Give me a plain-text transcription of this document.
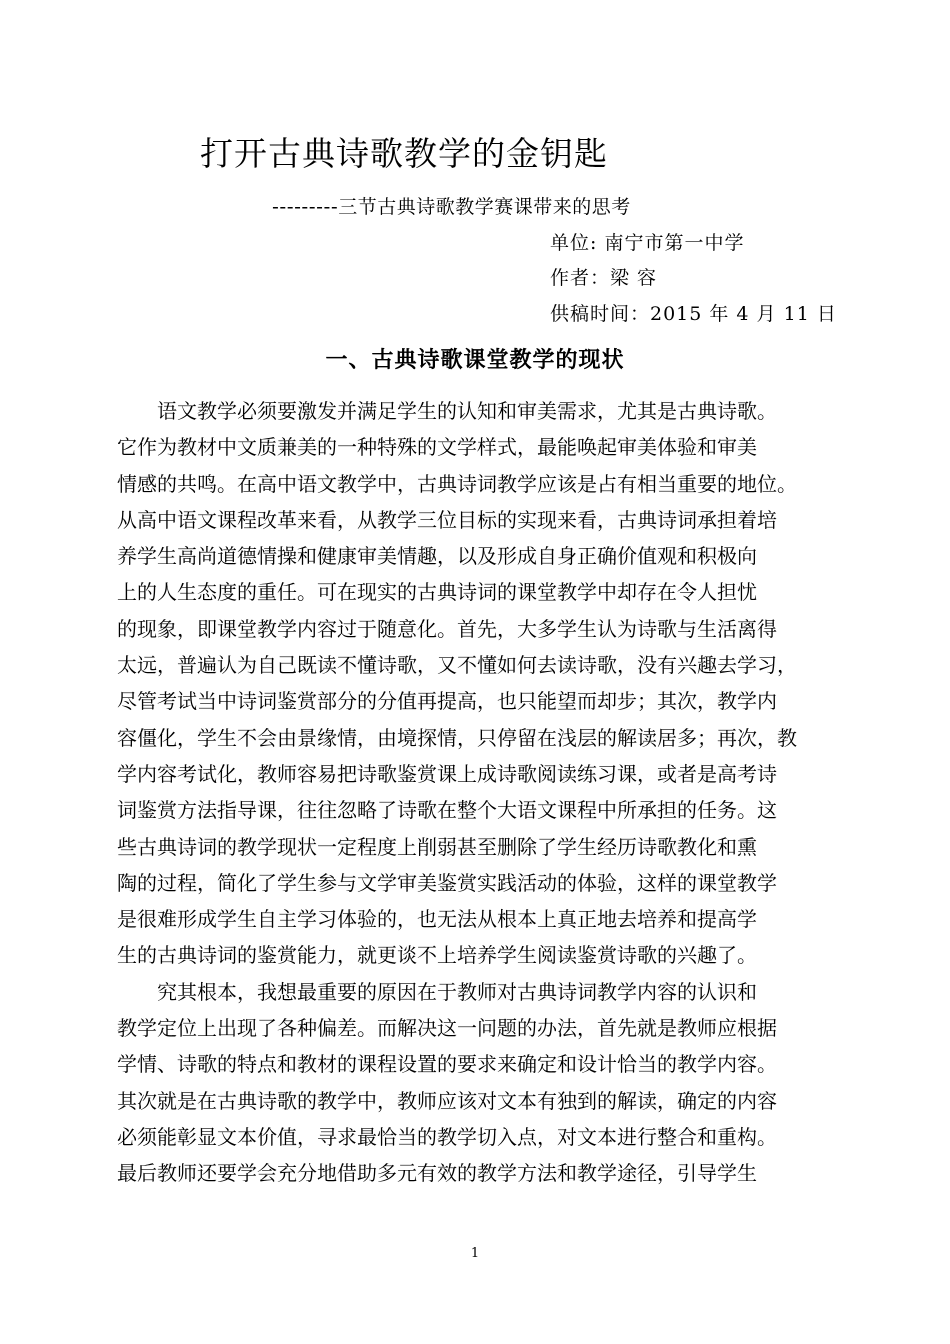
打开古典诗歌教学的金钥匙
---------三节古典诗歌教学赛课带来的思考
单位: 南宁市第一中学
作者：梁 容
供稿时间：2015 年 4 月 11 日
一、古典诗歌课堂教学的现状
语文教学必须要激发并满足学生的认知和审美需求，尤其是古典诗歌。
它作为教材中文质兼美的一种特殊的文学样式，最能唤起审美体验和审美
情感的共鸣。在高中语文教学中，古典诗词教学应该是占有相当重要的地位。
从高中语文课程改革来看，从教学三位目标的实现来看，古典诗词承担着培
养学生高尚道德情操和健康审美情趣，以及形成自身正确价值观和积极向
上的人生态度的重任。可在现实的古典诗词的课堂教学中却存在令人担忧
的现象，即课堂教学内容过于随意化。首先，大多学生认为诗歌与生活离得
太远，普遍认为自己既读不懂诗歌，又不懂如何去读诗歌，没有兴趣去学习，
尽管考试当中诗词鉴赏部分的分值再提高，也只能望而却步；其次，教学内
容僵化，学生不会由景缘情，由境探情，只停留在浅层的解读居多；再次，教
学内容考试化，教师容易把诗歌鉴赏课上成诗歌阅读练习课，或者是高考诗
词鉴赏方法指导课，往往忽略了诗歌在整个大语文课程中所承担的任务。这
些古典诗词的教学现状一定程度上削弱甚至删除了学生经历诗歌教化和熏
陶的过程，简化了学生参与文学审美鉴赏实践活动的体验，这样的课堂教学
是很难形成学生自主学习体验的，也无法从根本上真正地去培养和提高学
生的古典诗词的鉴赏能力，就更谈不上培养学生阅读鉴赏诗歌的兴趣了。
究其根本，我想最重要的原因在于教师对古典诗词教学内容的认识和
教学定位上出现了各种偏差。而解决这一问题的办法，首先就是教师应根据
学情、诗歌的特点和教材的课程设置的要求来确定和设计恰当的教学内容。
其次就是在古典诗歌的教学中，教师应该对文本有独到的解读，确定的内容
必须能彰显文本价值，寻求最恰当的教学切入点，对文本进行整合和重构。
最后教师还要学会充分地借助多元有效的教学方法和教学途径，引导学生
1
